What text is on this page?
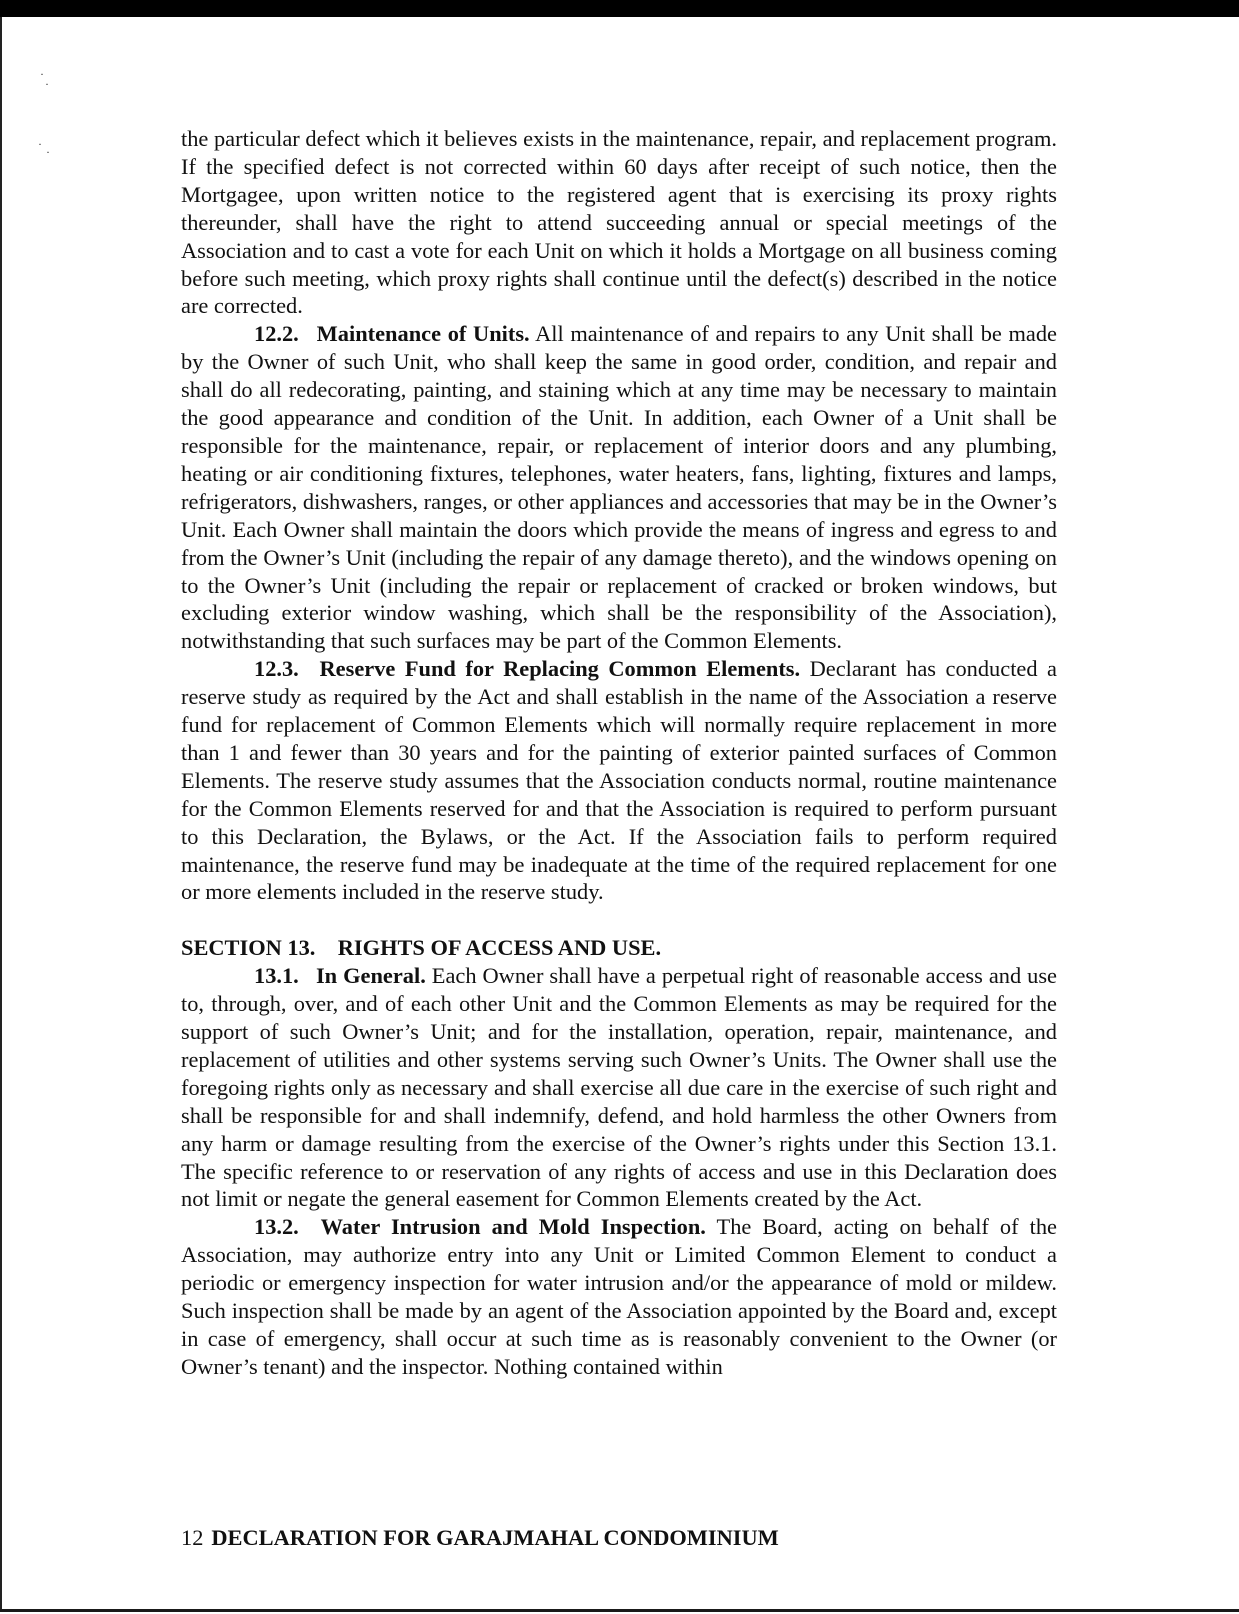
·
·
·
·

the particular defect which it believes exists in the maintenance, repair, and replacement program. If the specified defect is not corrected within 60 days after receipt of such notice, then the Mortgagee, upon written notice to the registered agent that is exercising its proxy rights thereunder, shall have the right to attend succeeding annual or special meetings of the Association and to cast a vote for each Unit on which it holds a Mortgage on all business coming before such meeting, which proxy rights shall continue until the defect(s) described in the notice are corrected.

12.2.  Maintenance of Units. All maintenance of and repairs to any Unit shall be made by the Owner of such Unit, who shall keep the same in good order, condition, and repair and shall do all redecorating, painting, and staining which at any time may be necessary to maintain the good appearance and condition of the Unit. In addition, each Owner of a Unit shall be responsible for the maintenance, repair, or replacement of interior doors and any plumbing, heating or air conditioning fixtures, telephones, water heaters, fans, lighting, fixtures and lamps, refrigerators, dishwashers, ranges, or other appliances and accessories that may be in the Owner’s Unit. Each Owner shall maintain the doors which provide the means of ingress and egress to and from the Owner’s Unit (including the repair of any damage thereto), and the windows opening on to the Owner’s Unit (including the repair or replacement of cracked or broken windows, but excluding exterior window washing, which shall be the responsibility of the Association), notwithstanding that such surfaces may be part of the Common Elements.

12.3.  Reserve Fund for Replacing Common Elements. Declarant has conducted a reserve study as required by the Act and shall establish in the name of the Association a reserve fund for replacement of Common Elements which will normally require replacement in more than 1 and fewer than 30 years and for the painting of exterior painted surfaces of Common Elements. The reserve study assumes that the Association conducts normal, routine maintenance for the Common Elements reserved for and that the Association is required to perform pursuant to this Declaration, the Bylaws, or the Act. If the Association fails to perform required maintenance, the reserve fund may be inadequate at the time of the required replacement for one or more elements included in the reserve study.

SECTION 13. RIGHTS OF ACCESS AND USE.

13.1.  In General. Each Owner shall have a perpetual right of reasonable access and use to, through, over, and of each other Unit and the Common Elements as may be required for the support of such Owner’s Unit; and for the installation, operation, repair, maintenance, and replacement of utilities and other systems serving such Owner’s Units. The Owner shall use the foregoing rights only as necessary and shall exercise all due care in the exercise of such right and shall be responsible for and shall indemnify, defend, and hold harmless the other Owners from any harm or damage resulting from the exercise of the Owner’s rights under this Section 13.1. The specific reference to or reservation of any rights of access and use in this Declaration does not limit or negate the general easement for Common Elements created by the Act.

13.2.  Water Intrusion and Mold Inspection. The Board, acting on behalf of the Association, may authorize entry into any Unit or Limited Common Element to conduct a periodic or emergency inspection for water intrusion and/or the appearance of mold or mildew. Such inspection shall be made by an agent of the Association appointed by the Board and, except in case of emergency, shall occur at such time as is reasonably convenient to the Owner (or Owner’s tenant) and the inspector. Nothing contained within

12 DECLARATION FOR GARAJMAHAL CONDOMINIUM
